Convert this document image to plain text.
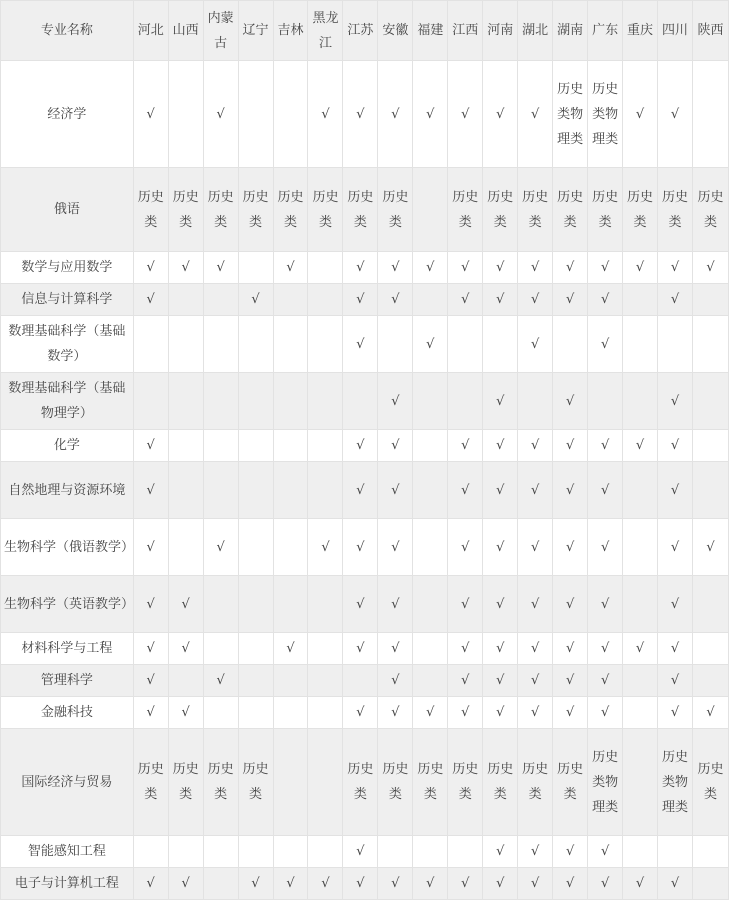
专业名称	河北	山西	内蒙古	辽宁	吉林	黑龙江	江苏	安徽	福建	江西	河南	湖北	湖南	广东	重庆	四川	陕西
经济学	√		√			√	√	√	√	√	√	√	历史类物理类	历史类物理类	√	√	
俄语	历史类	历史类	历史类	历史类	历史类	历史类	历史类	历史类		历史类	历史类	历史类	历史类	历史类	历史类	历史类	历史类
数学与应用数学	√	√	√		√		√	√	√	√	√	√	√	√	√	√	√
信息与计算科学	√			√			√	√		√	√	√	√	√		√	
数理基础科学（基础数学）							√		√			√		√			
数理基础科学（基础物理学）								√			√		√			√	
化学	√						√	√		√	√	√	√	√	√	√	
自然地理与资源环境	√						√	√		√	√	√	√	√		√	
生物科学（俄语教学）	√		√			√	√	√		√	√	√	√	√		√	√
生物科学（英语教学）	√	√					√	√		√	√	√	√	√		√	
材料科学与工程	√	√			√		√	√		√	√	√	√	√	√	√	
管理科学	√		√					√		√	√	√	√	√		√	
金融科技	√	√					√	√	√	√	√	√	√	√		√	√
国际经济与贸易	历史类	历史类	历史类	历史类			历史类	历史类	历史类	历史类	历史类	历史类	历史类	历史类物理类		历史类物理类	历史类
智能感知工程							√				√	√	√	√			
电子与计算机工程	√	√		√	√	√	√	√	√	√	√	√	√	√	√	√	
